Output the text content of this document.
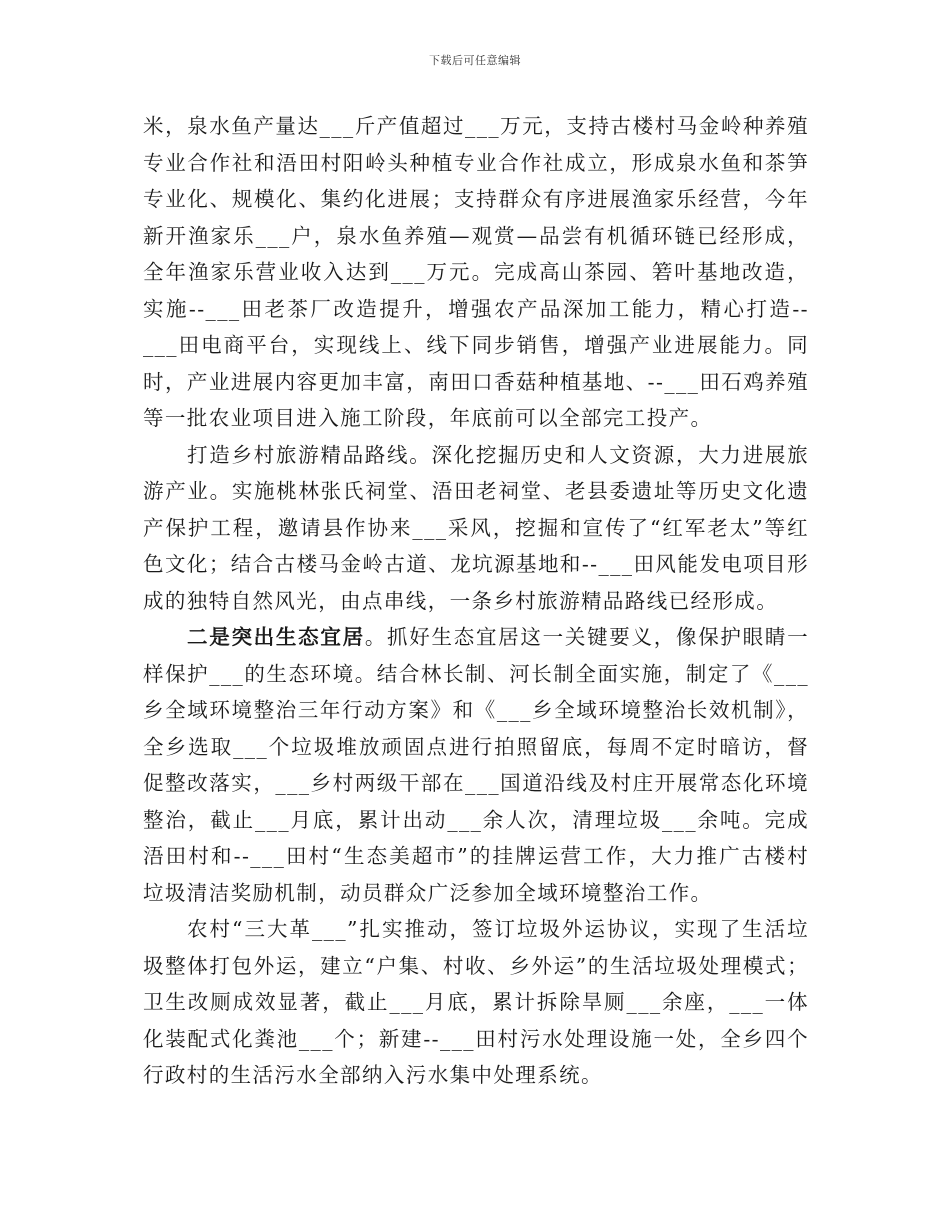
下载后可任意编辑

米，泉水鱼产量达___斤产值超过___万元，支持古楼村马金岭种养殖专业合作社和浯田村阳岭头种植专业合作社成立，形成泉水鱼和茶笋专业化、规模化、集约化进展；支持群众有序进展渔家乐经营，今年新开渔家乐___户，泉水鱼养殖—观赏—品尝有机循环链已经形成，全年渔家乐营业收入达到___万元。完成高山茶园、箬叶基地改造，实施--___田老茶厂改造提升，增强农产品深加工能力，精心打造--___田电商平台，实现线上、线下同步销售，增强产业进展能力。同时，产业进展内容更加丰富，南田口香菇种植基地、--___田石鸡养殖等一批农业项目进入施工阶段，年底前可以全部完工投产。

打造乡村旅游精品路线。深化挖掘历史和人文资源，大力进展旅游产业。实施桃林张氏祠堂、浯田老祠堂、老县委遗址等历史文化遗产保护工程，邀请县作协来___采风，挖掘和宣传了“红军老太”等红色文化；结合古楼马金岭古道、龙坑源基地和--___田风能发电项目形成的独特自然风光，由点串线，一条乡村旅游精品路线已经形成。

二是突出生态宜居。抓好生态宜居这一关键要义，像保护眼睛一样保护___的生态环境。结合林长制、河长制全面实施，制定了《___乡全域环境整治三年行动方案》和《___乡全域环境整治长效机制》，全乡选取___个垃圾堆放顽固点进行拍照留底，每周不定时暗访，督促整改落实，___乡村两级干部在___国道沿线及村庄开展常态化环境整治，截止___月底，累计出动___余人次，清理垃圾___余吨。完成浯田村和--___田村“生态美超市”的挂牌运营工作，大力推广古楼村垃圾清洁奖励机制，动员群众广泛参加全域环境整治工作。

农村“三大革___”扎实推动，签订垃圾外运协议，实现了生活垃圾整体打包外运，建立“户集、村收、乡外运”的生活垃圾处理模式；卫生改厕成效显著，截止___月底，累计拆除旱厕___余座，___一体化装配式化粪池___个；新建--___田村污水处理设施一处，全乡四个行政村的生活污水全部纳入污水集中处理系统。
